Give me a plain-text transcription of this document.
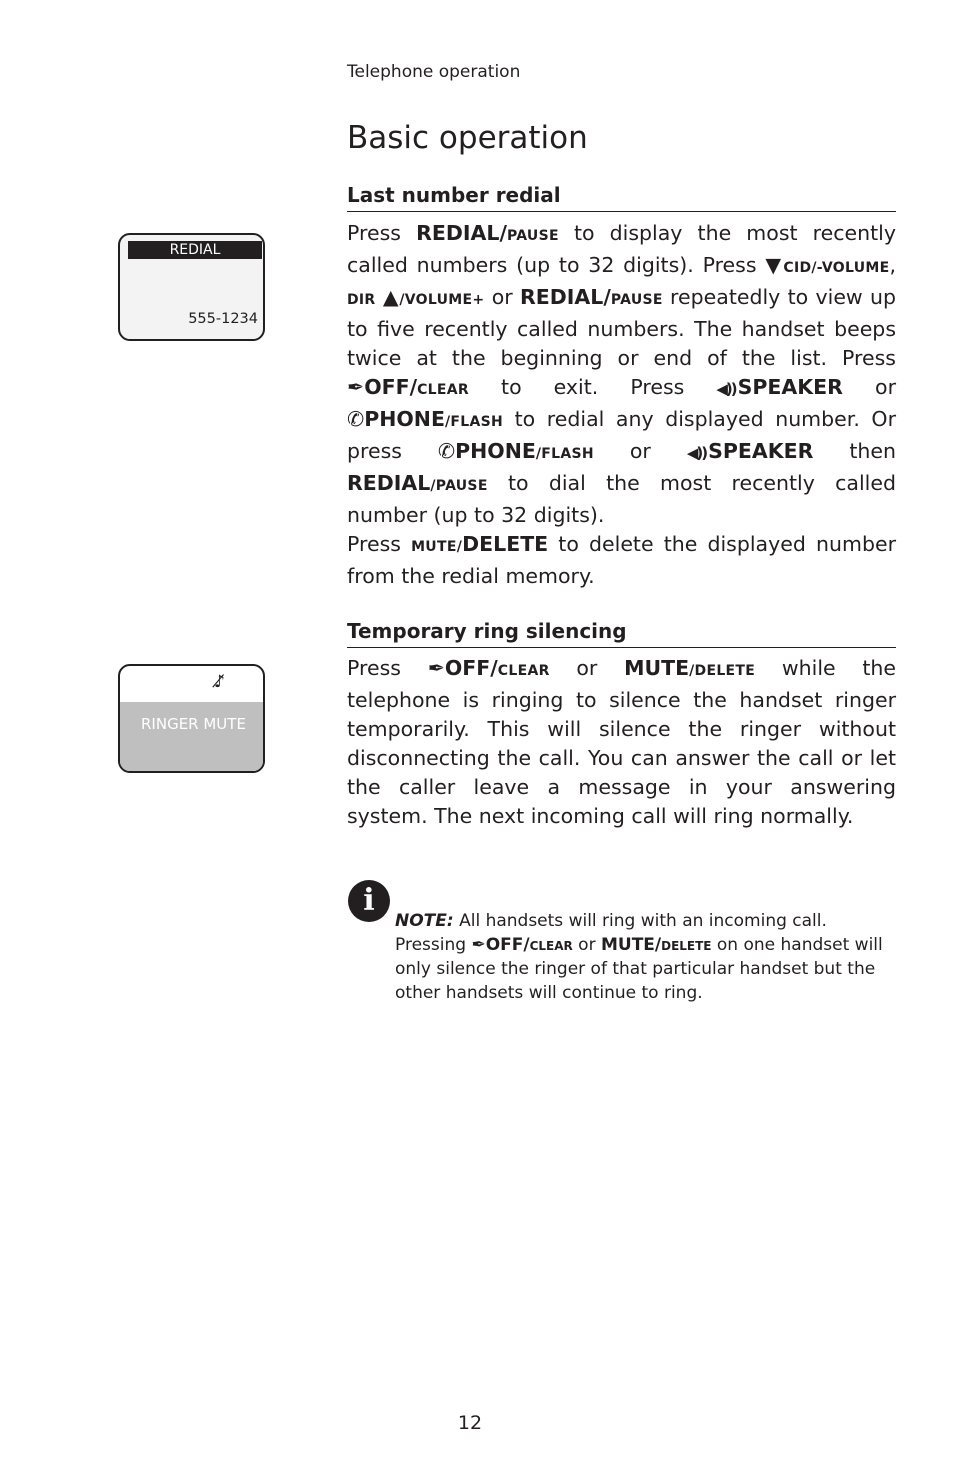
Telephone operation
Basic operation
Last number redial
REDIAL
555-1234

Press REDIAL/PAUSE to display the most recently called numbers (up to 32 digits). Press ▼CID/-VOLUME, DIR ▲/VOLUME+ or REDIAL/PAUSE repeatedly to view up to five recently called numbers. The handset beeps twice at the beginning or end of the list. Press ✒OFF/CLEAR to exit. Press ◀))SPEAKER or ✆PHONE/FLASH to redial any displayed number. Or press ✆PHONE/FLASH or ◀))SPEAKER then REDIAL/PAUSE to dial the most recently called number (up to 32 digits).

Press MUTE/DELETE to delete the displayed number from the redial memory.

Temporary ring silencing
♪̸
RINGER MUTE

Press ✒OFF/CLEAR or MUTE/DELETE while the telephone is ringing to silence the handset ringer temporarily. This will silence the ringer without disconnecting the call. You can answer the call or let the caller leave a message in your answering system. The next incoming call will ring normally.

i

NOTE: All handsets will ring with an incoming call. Pressing ✒OFF/CLEAR or MUTE/DELETE on one handset will only silence the ringer of that particular handset but the other handsets will continue to ring.

12
